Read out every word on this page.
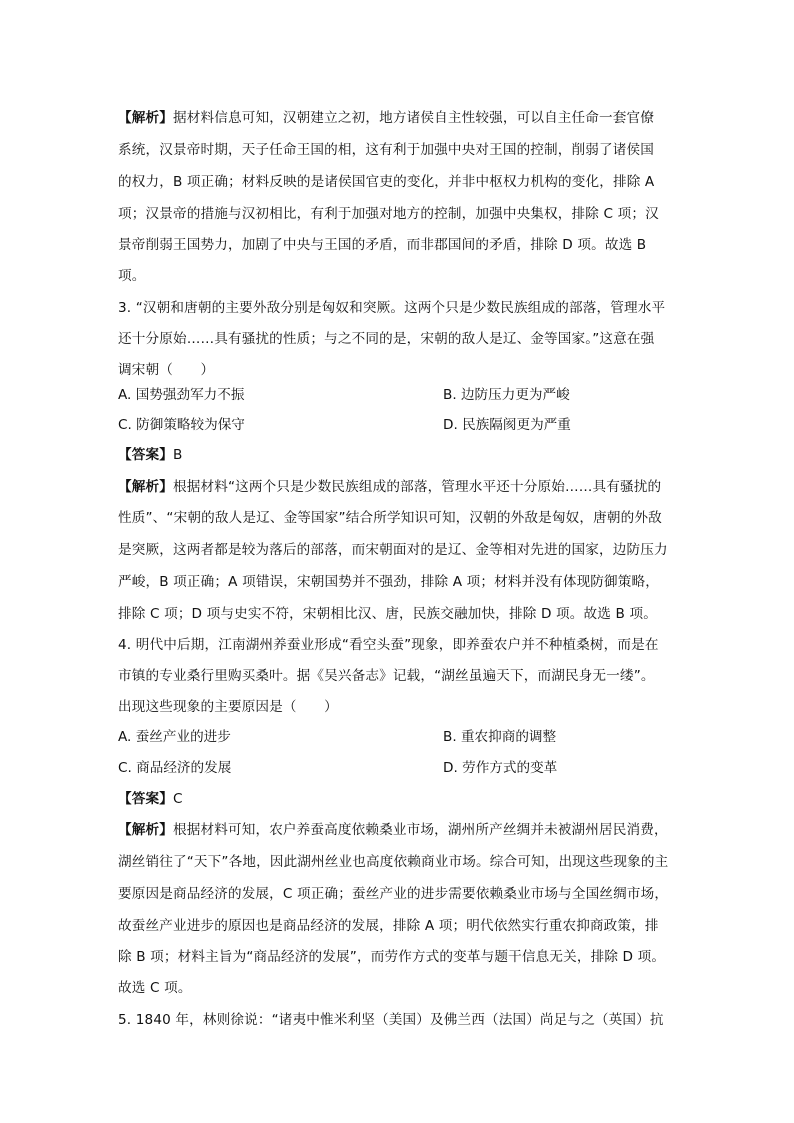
【解析】据材料信息可知，汉朝建立之初，地方诸侯自主性较强，可以自主任命一套官僚
系统，汉景帝时期，天子任命王国的相，这有利于加强中央对王国的控制，削弱了诸侯国
的权力，B 项正确；材料反映的是诸侯国官吏的变化，并非中枢权力机构的变化，排除 A
项；汉景帝的措施与汉初相比，有利于加强对地方的控制，加强中央集权，排除 C 项；汉
景帝削弱王国势力，加剧了中央与王国的矛盾，而非郡国间的矛盾，排除 D 项。故选 B
项。
3. “汉朝和唐朝的主要外敌分别是匈奴和突厥。这两个只是少数民族组成的部落，管理水平
还十分原始……具有骚扰的性质；与之不同的是，宋朝的敌人是辽、金等国家。”这意在强
调宋朝（　　）
A. 国势强劲军力不振	B. 边防压力更为严峻
C. 防御策略较为保守	D. 民族隔阂更为严重
【答案】B
【解析】根据材料“这两个只是少数民族组成的部落，管理水平还十分原始……具有骚扰的
性质”、“宋朝的敌人是辽、金等国家”结合所学知识可知，汉朝的外敌是匈奴，唐朝的外敌
是突厥，这两者都是较为落后的部落，而宋朝面对的是辽、金等相对先进的国家，边防压力
严峻，B 项正确；A 项错误，宋朝国势并不强劲，排除 A 项；材料并没有体现防御策略，
排除 C 项；D 项与史实不符，宋朝相比汉、唐，民族交融加快，排除 D 项。故选 B 项。
4. 明代中后期，江南湖州养蚕业形成“看空头蚕”现象，即养蚕农户并不种植桑树，而是在
市镇的专业桑行里购买桑叶。据《吴兴备志》记载，“湖丝虽遍天下，而湖民身无一缕”。
出现这些现象的主要原因是（　　）
A. 蚕丝产业的进步	B. 重农抑商的调整
C. 商品经济的发展	D. 劳作方式的变革
【答案】C
【解析】根据材料可知，农户养蚕高度依赖桑业市场，湖州所产丝绸并未被湖州居民消费，
湖丝销往了“天下”各地，因此湖州丝业也高度依赖商业市场。综合可知，出现这些现象的主
要原因是商品经济的发展，C 项正确；蚕丝产业的进步需要依赖桑业市场与全国丝绸市场，
故蚕丝产业进步的原因也是商品经济的发展，排除 A 项；明代依然实行重农抑商政策，排
除 B 项；材料主旨为“商品经济的发展”，而劳作方式的变革与题干信息无关，排除 D 项。
故选 C 项。
5. 1840 年，林则徐说：“诸夷中惟米利坚（美国）及佛兰西（法国）尚足与之（英国）抗
